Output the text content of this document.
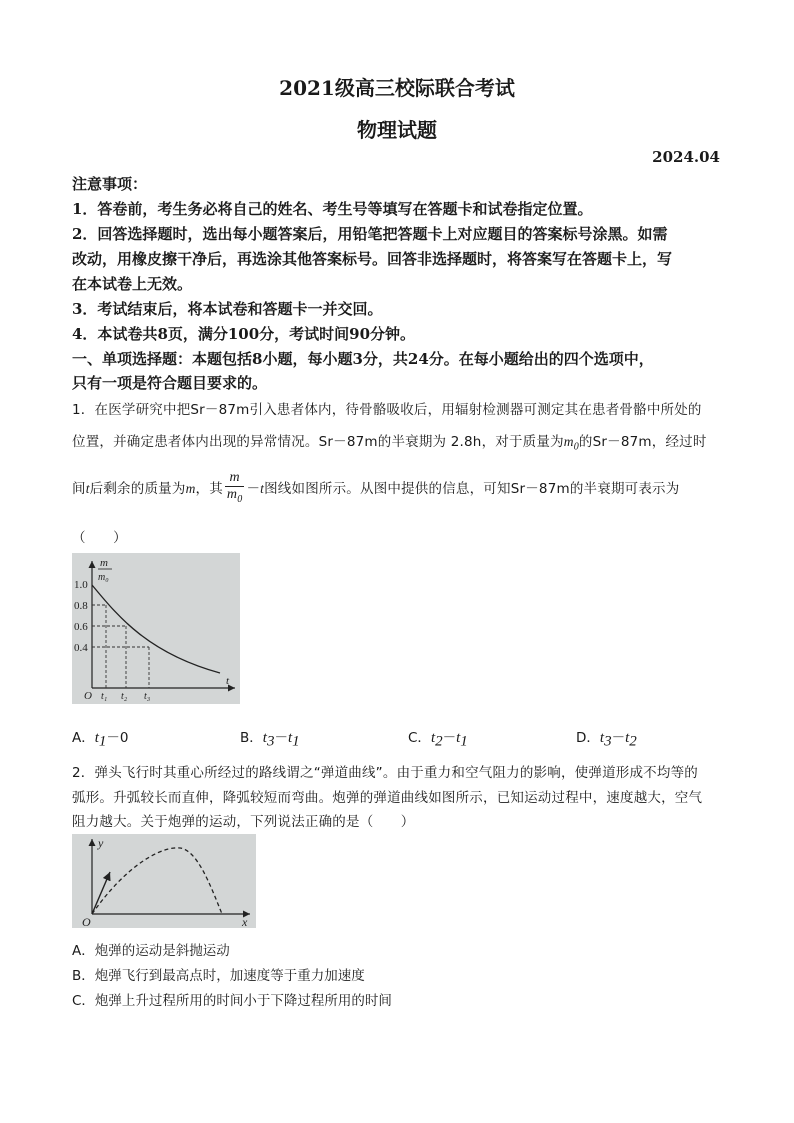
2021级高三校际联合考试
物理试题
2024.04
注意事项：
1．答卷前，考生务必将自己的姓名、考生号等填写在答题卡和试卷指定位置。
2．回答选择题时，选出每小题答案后，用铅笔把答题卡上对应题目的答案标号涂黑。如需
改动，用橡皮擦干净后，再选涂其他答案标号。回答非选择题时，将答案写在答题卡上，写
在本试卷上无效。
3．考试结束后，将本试卷和答题卡一并交回。
4．本试卷共8页，满分100分，考试时间90分钟。
一、单项选择题：本题包括8小题，每小题3分，共24分。在每小题给出的四个选项中，
只有一项是符合题目要求的。
1．在医学研究中把Sr－87m引入患者体内，待骨骼吸收后，用辐射检测器可测定其在患者骨骼中所处的
位置，并确定患者体内出现的异常情况。Sr－87m的半衰期为 2.8h，对于质量为$m_0$的Sr－87m，经过时
间t后剩余的质量为m，其 $\frac{m}{m_0} -t$图线如图所示。从图中提供的信息，可知Sr－87m的半衰期可表示为
（　　）
m
m₀
1.0
0.8
0.6
0.4
O t₁ t₂ t₃
t
A．$t_1-0$	B．$t_3-t_1$	C．$t_2-t_1$	D．$t_3-t_2$
2．弹头飞行时其重心所经过的路线谓之“弹道曲线”。由于重力和空气阻力的影响，使弹道形成不均等的
弧形。升弧较长而直伸，降弧较短而弯曲。炮弹的弹道曲线如图所示，已知运动过程中，速度越大，空气
阻力越大。关于炮弹的运动，下列说法正确的是（　　）
y
x
O
A．炮弹的运动是斜抛运动
B．炮弹飞行到最高点时，加速度等于重力加速度
C．炮弹上升过程所用的时间小于下降过程所用的时间
